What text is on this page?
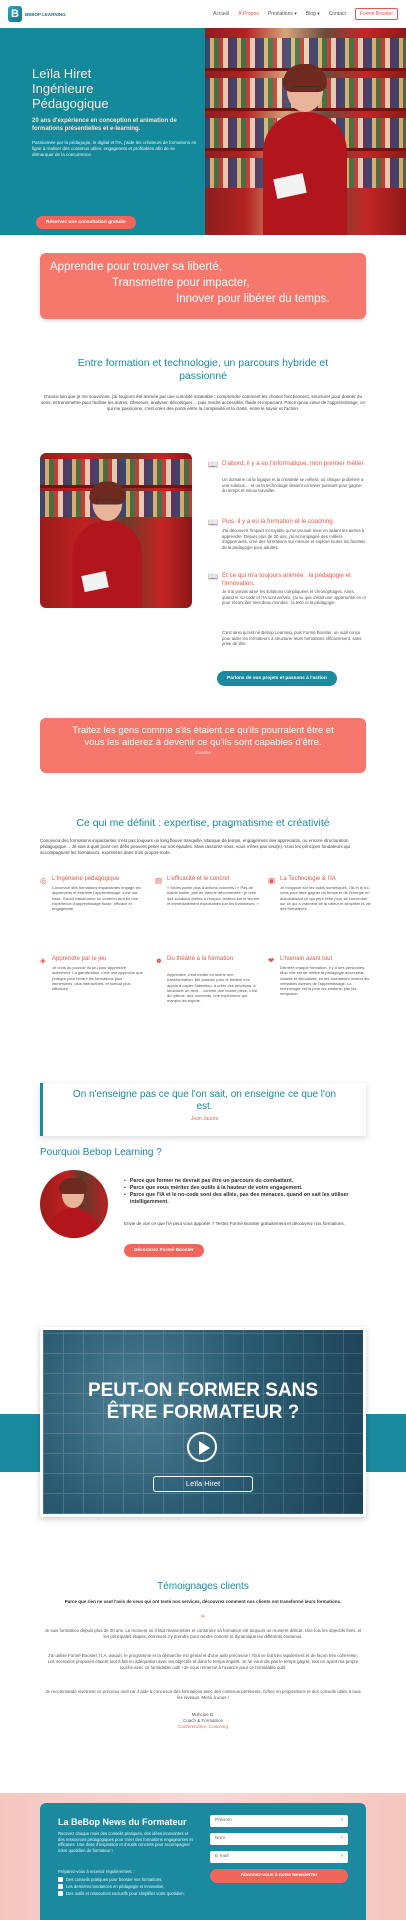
B	BEBOP LEARNING	Accueil À Propos Prestations ▾ Blog ▾ Contact	Formé Booster
Leïla Hiret
Ingénieure
Pédagogique
20 ans d'expérience en conception et animation de formations présentielles et e-learning.
Passionnée par la pédagogie, le digital et l'IA, j'aide les créateurs de formations en ligne à réaliser des contenus utiles, engageants et profitables afin de se démarquer de la concurrence.
Réservez une consultation gratuite
Apprendre pour trouver sa liberté,
Transmettre pour impacter,
Innover pour libérer du temps.
Entre formation et technologie, un parcours hybride et
passionné
D'aussi loin que je me souvienne, j'ai toujours été animée par une curiosité insatiable : comprendre comment les choses fonctionnent, structurer pour donner du sens, et transmettre pour faciliter les autres. Observer, analyser, décortiquer… puis rendre accessible, fluide et impactant. Parce qu'au cœur de l'apprentissage, ce qui me passionne, c'est créer des ponts entre la complexité et la clarté, entre le savoir et l'action.
📖 D'abord, il y a eu l'informatique, mon premier métier
Un domaine où la logique et la créativité se mêlent, où chaque problème a une solution… et où la technologie devient un levier puissant pour gagner du temps et mieux travailler.
📖 Puis, il y a eu la formation et le coaching
J'ai découvert l'impact incroyable qu'on pouvait avoir en aidant les autres à apprendre. Depuis plus de 20 ans, j'ai accompagné des milliers d'apprenants, créé des formations sur mesure et exploré toutes les facettes de la pédagogie pour adultes.
📖 Et ce qui m'a toujours animée : la pédagogie et l'innovation.
Je n'ai jamais aimé les solutions compliquées et chronophages. Alors, quand le no-code et l'IA sont arrivés, j'ai su que c'était une opportunité en or pour réconcilier mes deux mondes : la tech et la pédagogie.
C'est ainsi qu'est né Bebop Learning, puis Formé Booster, un outil conçu pour aider les formateurs à structurer leurs formations efficacement, sans prise de tête.
Parlons de vos projets et passons à l'action
Traitez les gens comme s'ils étaient ce qu'ils pourraient être et
vous les aiderez à devenir ce qu'ils sont capables d'être.
Goethe
Ce qui me définit : expertise, pragmatisme et créativité
Concevoir des formations impactantes n'est pas toujours un long fleuve tranquille. Manque de temps, engagement des apprenants, ou encore structuration pédagogique… Je sais à quel point ces défis peuvent peser sur vos épaules. Mais rassurez-vous, vous n'êtes pas seul(e). Voici les principes fondateurs qui accompagnent les formateurs, exprimées dans trois propos-mots.
◎ L'Ingénierie pédagogique
Concevoir des formations impactantes engage les apprenants et entraîne l'apprentissage, c'est ma base. Savoir transformer un contenu brut en une expérience d'apprentissage fluide, efficace et engageante.
▤ L'efficacité et le concret
« Moins parler plus d'actions concrets ! » Pas de blabla inutile, pas de théorie déconnectée : je crée des solutions prêtes à l'emploi, testées sur le terrain et immédiatement exploitables par les formateurs. »
▣ La Technologie & l'IA
Je m'appuie sur les outils numériques, l'IA et le no-code pour faire gagner du temps et de l'énergie en automatisant ce qui peut l'être pour se concentrer sur ce qui a vraiment de la valeur et simplifier la vie des formateurs.
◈	Apprendre par le jeu
Je crois au pouvoir du jeu pour apprendre autrement. La gamification, c'est une approche que j'intègre pour rendre les formations plus immersives, plus interactives, et surtout plus efficaces.
☻ Du théâtre à la formation
Apprendre, c'est mettre en scène une transformation. Me passion pour le théâtre m'a appris à capter l'attention, à créer des émotions, à structurer un récit… comme une bonne pièce, c'est du rythme, des moments, une expérience qui marque les esprits.
❤ L'humain avant tout
Derrière chaque formation, il y a des personnes. Mon rôle est de mettre la pédagogie accessible, vivante et stimulante, en les formateurs restent les véritables acteurs de l'apprentissage. La technologie est là pour les soutenir, pas les remplacer.
On n'enseigne pas ce que l'on sait, on enseigne ce que l'on
est.
Jean Jaurès
Pourquoi Bebop Learning ?
• Parce que former ne devrait pas être un parcours du combattant.
• Parce que vous méritez des outils à la hauteur de votre engagement.
• Parce que l'IA et le no-code sont des alliés, pas des menaces, quand on sait les utiliser intelligemment.
Envie de voir ce que l'IA peut vous apporter ? Testez Formé Booster gratuitement et découvrez nos formations.
Découvrez Formé Booster
PEUT-ON FORMER SANS
ÊTRE FORMATEUR ?
Leïla Hiret
Témoignages clients
Parce que rien ne vaut l'avis de ceux qui ont testé nos services, découvrez comment nos clients ont transformé leurs formations.
“
Je suis formatrice depuis plus de 20 ans. Le moment où il faut réassembler et construire sa formation est toujours un moment délicat. Une fois les objectifs fixés, et les principales étapes, comment s'y prendre pour rendre concret et dynamique les différents contenus.
J'ai utilisé Formé Booster, l'I.A, waouh, le programme et la démarche est génial et d'une aide précieuse ! Tout se fait très rapidement et de façon très cohérente. Les scénarios proposés étaient tout à fait en adéquation avec les objectifs et dans le temps imparti. Je ne vous dis pas le temps gagné, tout en ayant ma propre touche avec ce formidable outil ! Je vous remercie à l'avance pour ce formidable outil.
Je recommande vivement ce précieux outil car il aide à concevoir des formations avec des contenus pertinents, riches en propositions et des conseils utiles à tous les niveaux. Merci à vous !
Mohcine B.
Coach & Formatrice
Conférencière, Coaching
La BeBop News du Formateur
Recevez chaque mois des conseils pratiques, des idées innovantes et des ressources pédagogiques pour créer des formations engageantes et efficaces. Une dose d'inspiration et d'outils concrets pour accompagner votre quotidien de formateur !
Préparez-vous à recevoir régulièrement :
Des conseils pratiques pour booster vos formations,
Les dernières tendances en pédagogie et innovation,
Des outils et ressources exclusifs pour simplifier votre quotidien.
Prénom	›
Nom	›
E-mail	›
Abonnez-vous à notre NewsletTer
